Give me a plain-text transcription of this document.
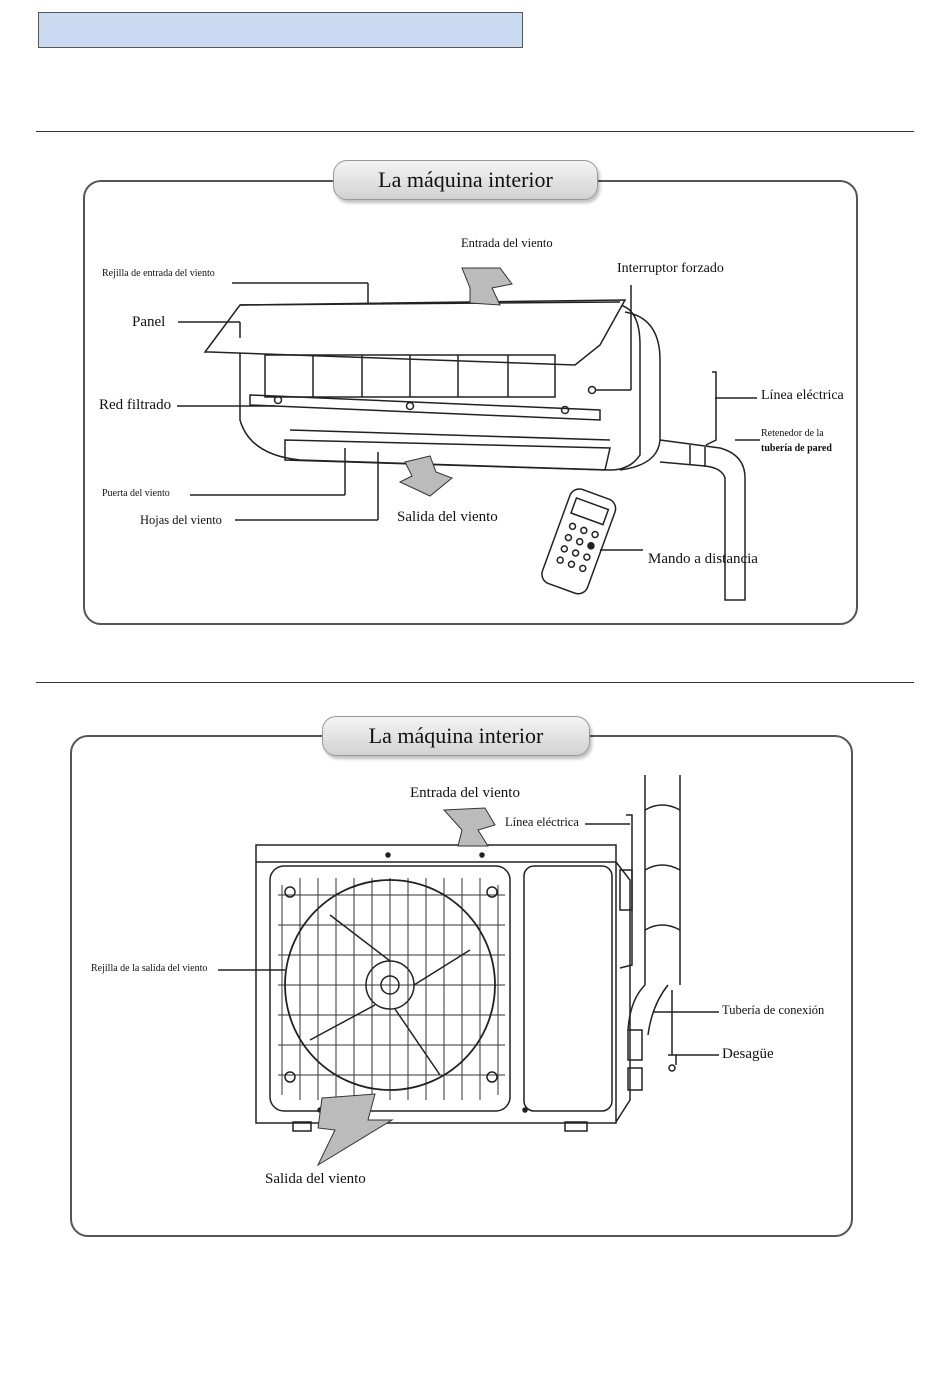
La máquina interior
Rejilla de entrada del viento
Panel
Red filtrado
Puerta del viento
Hojas del viento
Entrada del viento
Interruptor forzado
Línea eléctrica
Retenedor de la
tubería de pared
Salida del viento
Mando a distancia
La máquina interior
Entrada del viento
Línea eléctrica
Rejilla de la salida del viento
Tubería de conexión
Desagüe
Salida del viento
